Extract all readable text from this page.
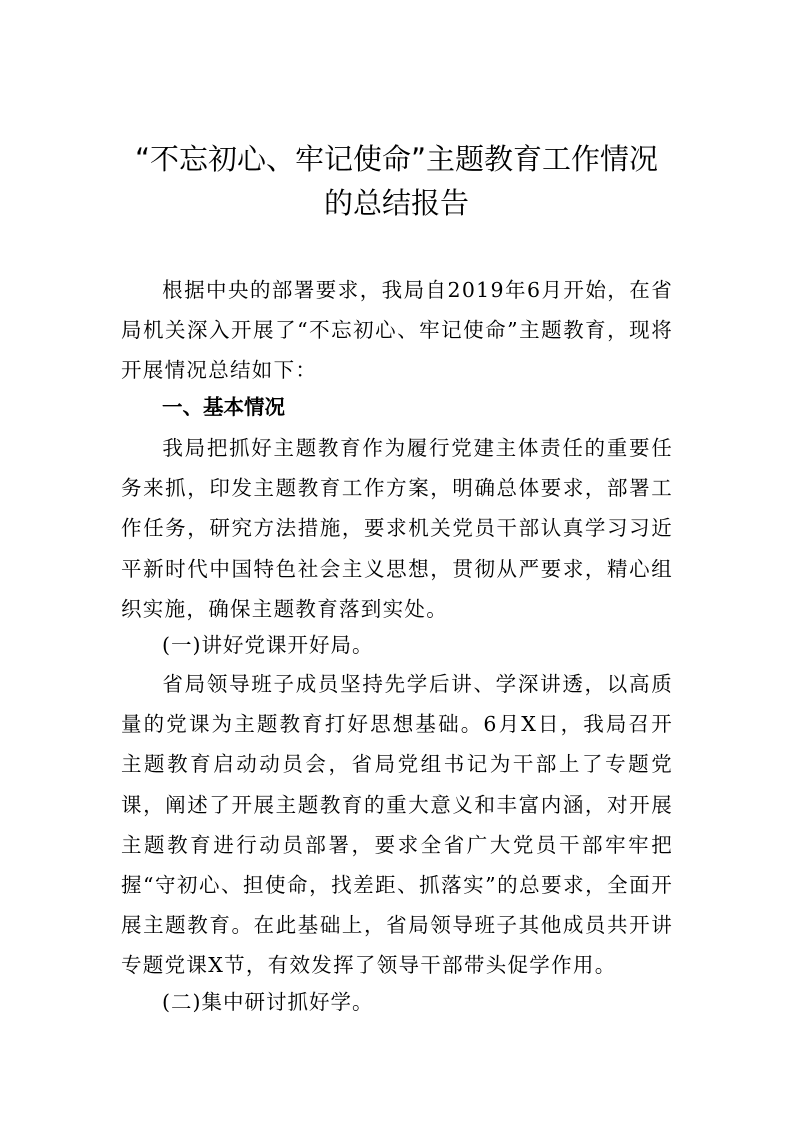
“不忘初心、牢记使命”主题教育工作情况
的总结报告

根据中央的部署要求，我局自2019年6月开始，在省局机关深入开展了“不忘初心、牢记使命”主题教育，现将开展情况总结如下：

一、基本情况

我局把抓好主题教育作为履行党建主体责任的重要任务来抓，印发主题教育工作方案，明确总体要求，部署工作任务，研究方法措施，要求机关党员干部认真学习习近平新时代中国特色社会主义思想，贯彻从严要求，精心组织实施，确保主题教育落到实处。

(一)讲好党课开好局。

省局领导班子成员坚持先学后讲、学深讲透，以高质量的党课为主题教育打好思想基础。6月X日，我局召开主题教育启动动员会，省局党组书记为干部上了专题党课，阐述了开展主题教育的重大意义和丰富内涵，对开展主题教育进行动员部署，要求全省广大党员干部牢牢把握“守初心、担使命，找差距、抓落实”的总要求，全面开展主题教育。在此基础上，省局领导班子其他成员共开讲专题党课X节，有效发挥了领导干部带头促学作用。

(二)集中研讨抓好学。
